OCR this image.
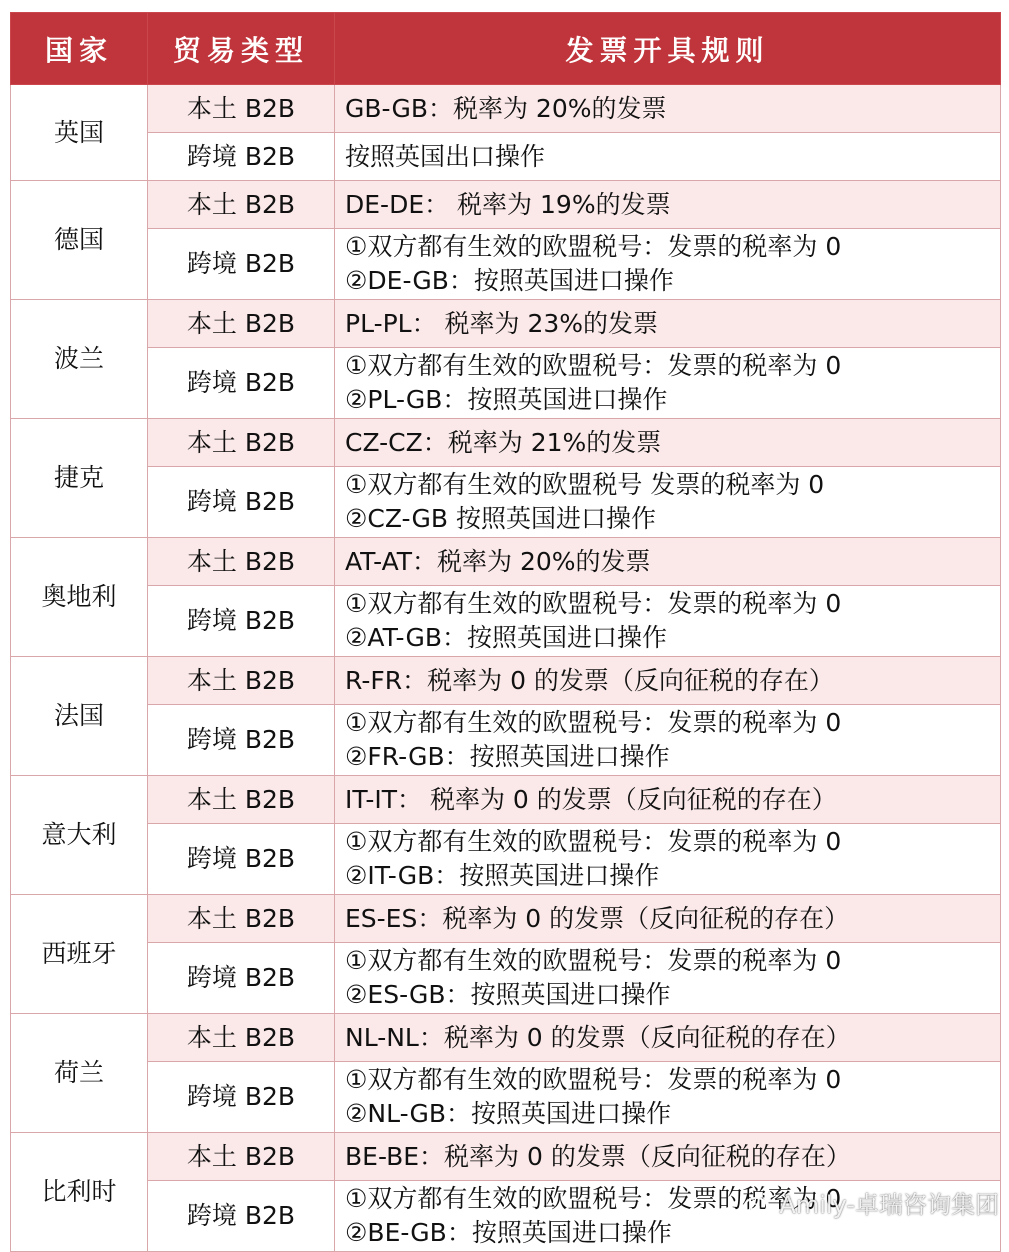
国家	贸易类型	发票开具规则
英国	本土 B2B	GB-GB：税率为 20%的发票

	跨境 B2B	按照英国出口操作

德国	本土 B2B	DE-DE： 税率为 19%的发票

	跨境 B2B	①双方都有生效的欧盟税号：发票的税率为 0
②DE-GB：按照英国进口操作

波兰	本土 B2B	PL-PL： 税率为 23%的发票

	跨境 B2B	①双方都有生效的欧盟税号：发票的税率为 0
②PL-GB：按照英国进口操作

捷克	本土 B2B	CZ-CZ：税率为 21%的发票

	跨境 B2B	①双方都有生效的欧盟税号 发票的税率为 0
②CZ-GB 按照英国进口操作

奥地利	本土 B2B	AT-AT：税率为 20%的发票

	跨境 B2B	①双方都有生效的欧盟税号：发票的税率为 0
②AT-GB：按照英国进口操作

法国	本土 B2B	R-FR：税率为 0 的发票（反向征税的存在）

	跨境 B2B	①双方都有生效的欧盟税号：发票的税率为 0
②FR-GB：按照英国进口操作

意大利	本土 B2B	IT-IT： 税率为 0 的发票（反向征税的存在）

	跨境 B2B	①双方都有生效的欧盟税号：发票的税率为 0
②IT-GB：按照英国进口操作

西班牙	本土 B2B	ES-ES：税率为 0 的发票（反向征税的存在）

	跨境 B2B	①双方都有生效的欧盟税号：发票的税率为 0
②ES-GB：按照英国进口操作

荷兰	本土 B2B	NL-NL：税率为 0 的发票（反向征税的存在）

	跨境 B2B	①双方都有生效的欧盟税号：发票的税率为 0
②NL-GB：按照英国进口操作

比利时	本土 B2B	BE-BE：税率为 0 的发票（反向征税的存在）

	跨境 B2B	①双方都有生效的欧盟税号：发票的税率为 0
②BE-GB：按照英国进口操作
Amily-卓瑞咨询集团
